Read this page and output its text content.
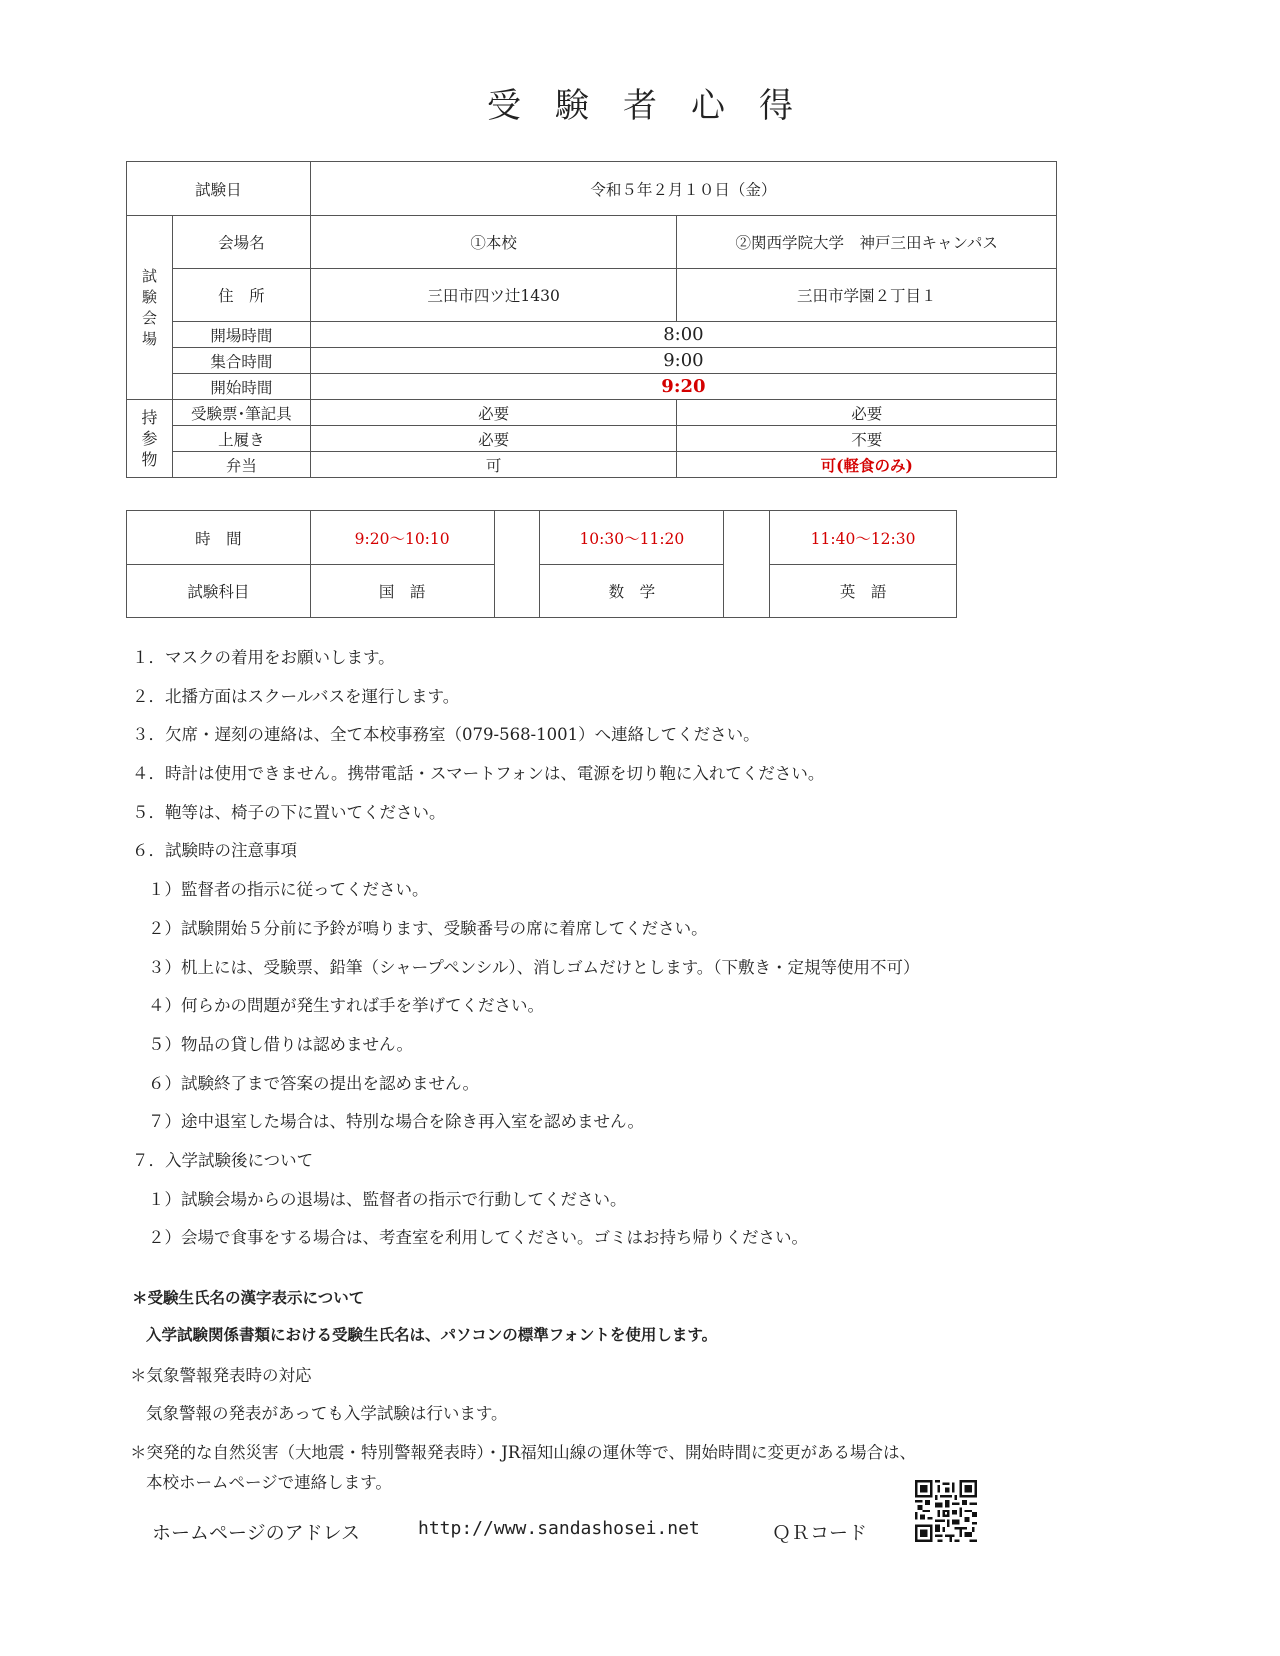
受験者心得
試験日		令和５年２月１０日（金）	

試験会場	会場名	①本校	②関西学院大学　神戸三田キャンパス
	住　所	三田市四ツ辻1430	三田市学園２丁目１
	開場時間	8:00	
	集合時間	9:00	
	開始時間	9:20	

持参物	受験票･筆記具	必要	必要
	上履き	必要	不要
	弁当	可	可(軽食のみ)
時　間	9:20～10:10		10:30～11:20		11:40～12:30
試験科目	国　語		数　学		英　語
１．マスクの着用をお願いします。
２．北播方面はスクールバスを運行します。
３．欠席・遅刻の連絡は、全て本校事務室（079-568-1001）へ連絡してください。
４．時計は使用できません。携帯電話・スマートフォンは、電源を切り鞄に入れてください。
５．鞄等は、椅子の下に置いてください。
６．試験時の注意事項
１）監督者の指示に従ってください。
２）試験開始５分前に予鈴が鳴ります、受験番号の席に着席してください。
３）机上には、受験票、鉛筆（シャープペンシル）、消しゴムだけとします。（下敷き・定規等使用不可）
４）何らかの問題が発生すれば手を挙げてください。
５）物品の貸し借りは認めません。
６）試験終了まで答案の提出を認めません。
７）途中退室した場合は、特別な場合を除き再入室を認めません。
７．入学試験後について
１）試験会場からの退場は、監督者の指示で行動してください。
２）会場で食事をする場合は、考査室を利用してください。ゴミはお持ち帰りください。
＊受験生氏名の漢字表示について
入学試験関係書類における受験生氏名は、パソコンの標準フォントを使用します。
＊気象警報発表時の対応
気象警報の発表があっても入学試験は行います。
＊突発的な自然災害（大地震・特別警報発表時）・JR福知山線の運休等で、開始時間に変更がある場合は、
本校ホームページで連絡します。
ホームページのアドレス	http://www.sandashosei.net	ＱＲコード
